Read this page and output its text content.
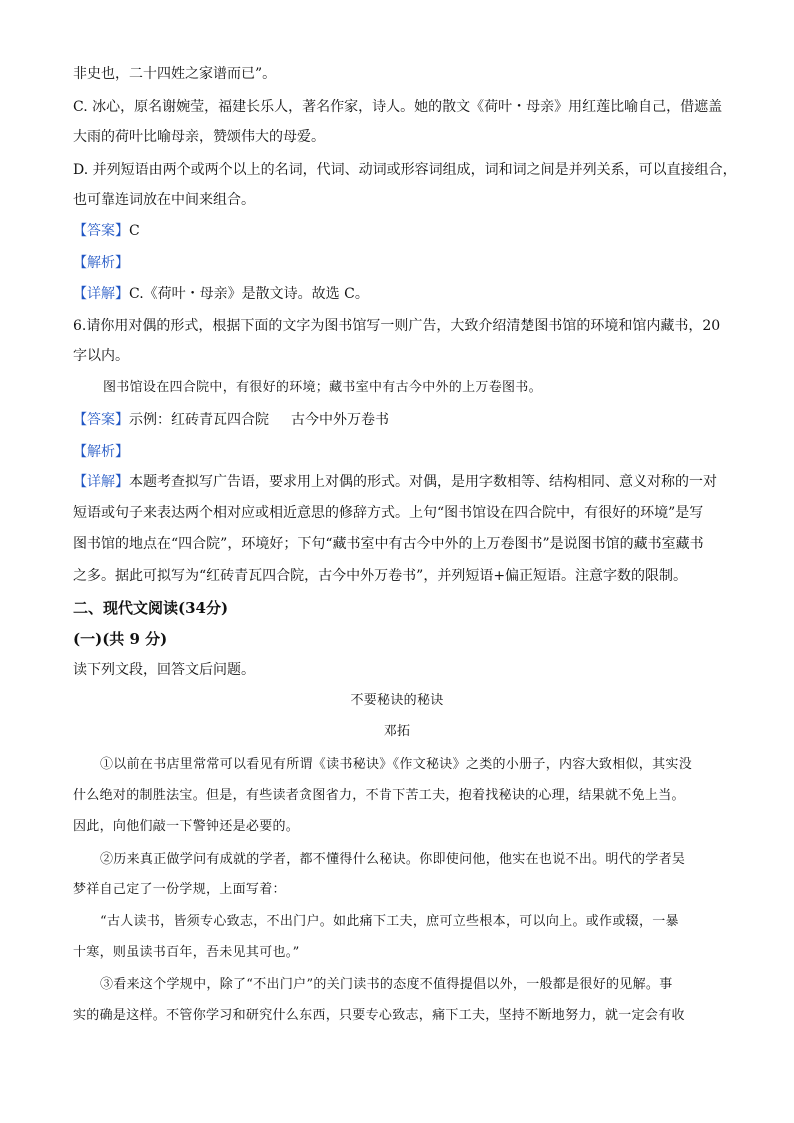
非史也，二十四姓之家谱而已”。
C. 冰心，原名谢婉莹，福建长乐人，著名作家，诗人。她的散文《荷叶・母亲》用红莲比喻自己，借遮盖
大雨的荷叶比喻母亲，赞颂伟大的母爱。
D. 并列短语由两个或两个以上的名词，代词、动词或形容词组成，词和词之间是并列关系，可以直接组合，
也可靠连词放在中间来组合。
【答案】C
【解析】
【详解】C.《荷叶・母亲》是散文诗。故选 C。
6.请你用对偶的形式，根据下面的文字为图书馆写一则广告，大致介绍清楚图书馆的环境和馆内藏书，20
字以内。
图书馆设在四合院中，有很好的环境；藏书室中有古今中外的上万卷图书。
【答案】示例：红砖青瓦四合院 古今中外万卷书
【解析】
【详解】本题考查拟写广告语，要求用上对偶的形式。对偶，是用字数相等、结构相同、意义对称的一对
短语或句子来表达两个相对应或相近意思的修辞方式。上句“图书馆设在四合院中，有很好的环境”是写
图书馆的地点在“四合院”，环境好；下句“藏书室中有古今中外的上万卷图书”是说图书馆的藏书室藏书
之多。据此可拟写为“红砖青瓦四合院，古今中外万卷书”，并列短语+偏正短语。注意字数的限制。
二、现代文阅读(34分)
(一)(共 9 分)
读下列文段，回答文后问题。
不要秘诀的秘诀
邓拓
①以前在书店里常常可以看见有所谓《读书秘诀》《作文秘诀》之类的小册子，内容大致相似，其实没
什么绝对的制胜法宝。但是，有些读者贪图省力，不肯下苦工夫，抱着找秘诀的心理，结果就不免上当。
因此，向他们敲一下警钟还是必要的。
②历来真正做学问有成就的学者，都不懂得什么秘诀。你即使问他，他实在也说不出。明代的学者吴
梦祥自己定了一份学规，上面写着：
“古人读书，皆须专心致志，不出门户。如此痛下工夫，庶可立些根本，可以向上。或作或辍，一暴
十寒，则虽读书百年，吾未见其可也。”
③看来这个学规中，除了“不出门户”的关门读书的态度不值得提倡以外，一般都是很好的见解。事
实的确是这样。不管你学习和研究什么东西，只要专心致志，痛下工夫，坚持不断地努力，就一定会有收
